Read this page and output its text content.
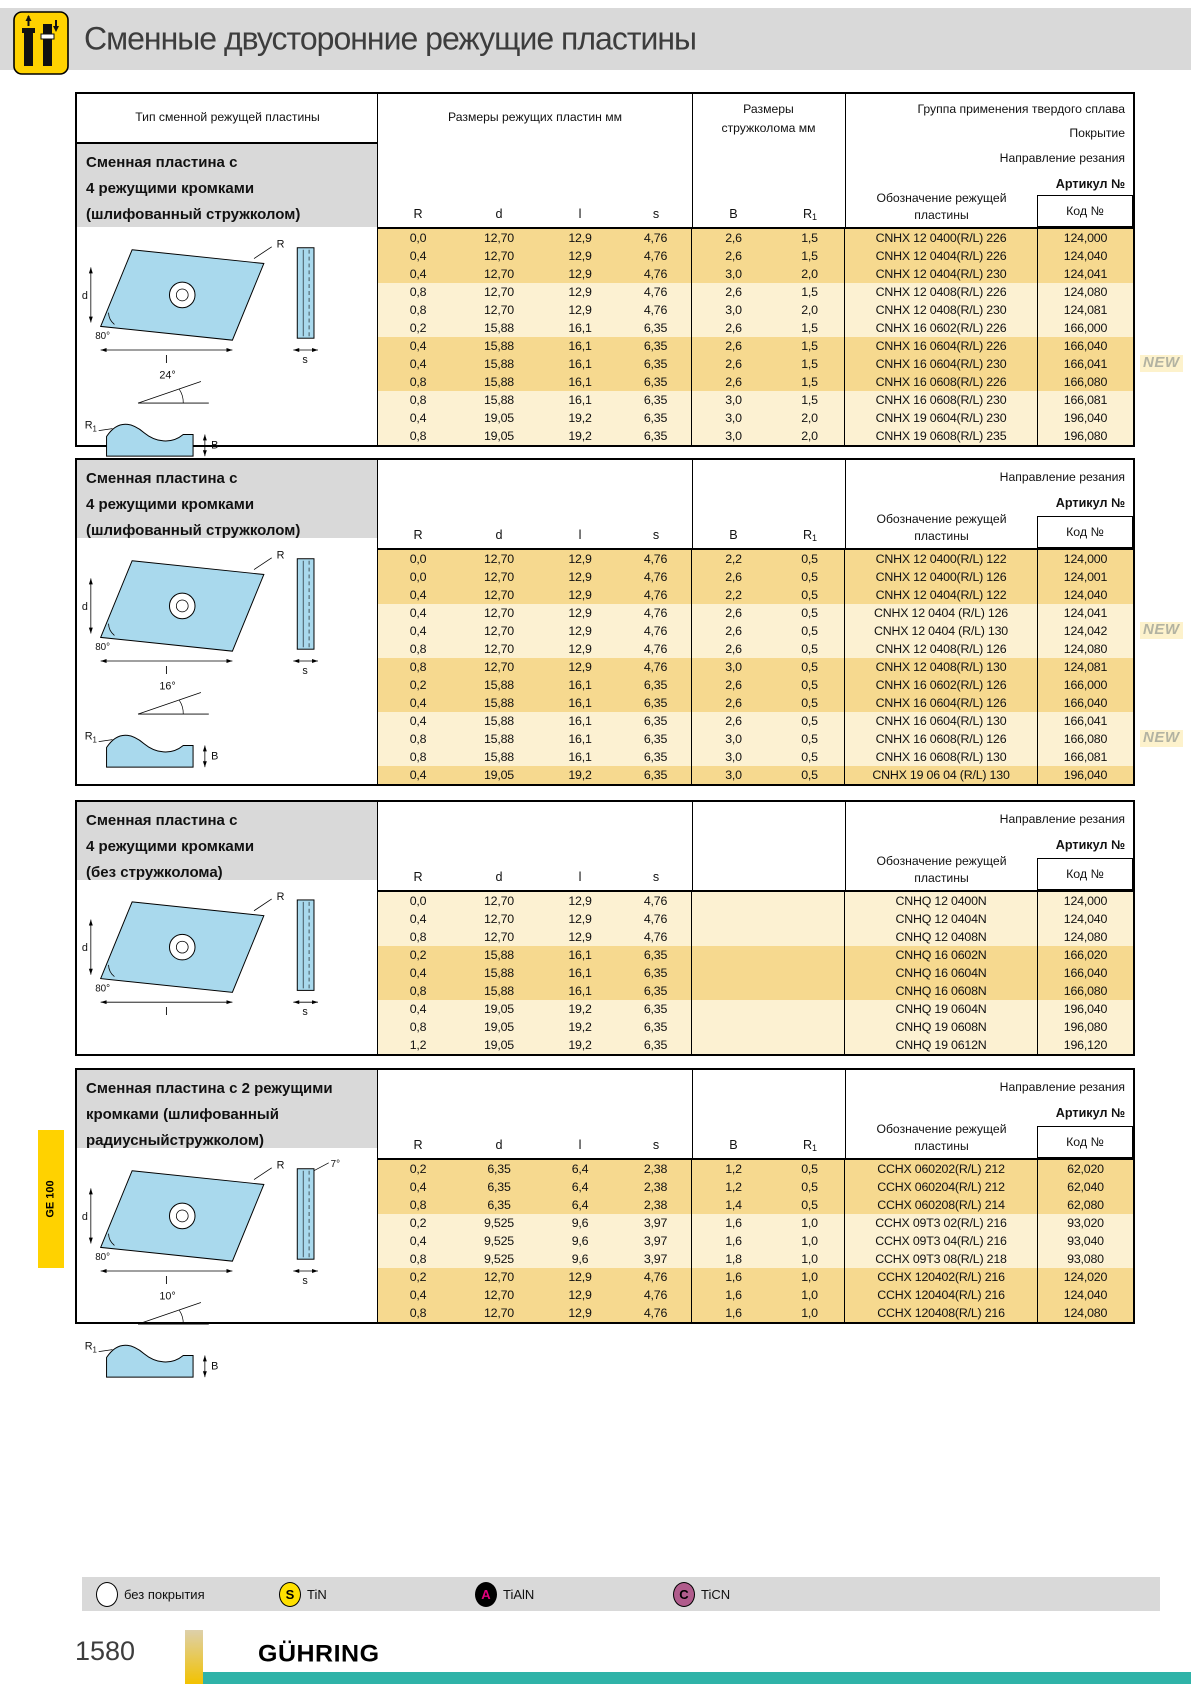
Сменные двусторонние режущие пластины
Сменная пластина с
4 режущими кромками
(шлифованный стружколом)
R
d
l
80°
s
24°
$R_1$
B
Тип сменной режущей пластины	Размеры режущих пластин мм
Размеры
стружколома мм
Группа применения твердого сплава
Покрытие
Направление резания
Артикул №
Обозначение режущей
пластины	Код №
R	d	l	s	B	$R_1$
0,0	12,70	12,9	4,76	2,6	1,5	CNHX 12 0400(R/L) 226	124,000
0,4	12,70	12,9	4,76	2,6	1,5	CNHX 12 0404(R/L) 226	124,040
0,4	12,70	12,9	4,76	3,0	2,0	CNHX 12 0404(R/L) 230	124,041
0,8	12,70	12,9	4,76	2,6	1,5	CNHX 12 0408(R/L) 226	124,080
0,8	12,70	12,9	4,76	3,0	2,0	CNHX 12 0408(R/L) 230	124,081
0,2	15,88	16,1	6,35	2,6	1,5	CNHX 16 0602(R/L) 226	166,000
0,4	15,88	16,1	6,35	2,6	1,5	CNHX 16 0604(R/L) 226	166,040
0,4	15,88	16,1	6,35	2,6	1,5	CNHX 16 0604(R/L) 230	166,041
0,8	15,88	16,1	6,35	2,6	1,5	CNHX 16 0608(R/L) 226	166,080
0,8	15,88	16,1	6,35	3,0	1,5	CNHX 16 0608(R/L) 230	166,081
0,4	19,05	19,2	6,35	3,0	2,0	CNHX 19 0604(R/L) 230	196,040
0,8	19,05	19,2	6,35	3,0	2,0	CNHX 19 0608(R/L) 235	196,080
Сменная пластина с
4 режущими кромками
(шлифованный стружколом)
R
d
l
80°
s
16°
$R_1$
B
Направление резания
Артикул №
Обозначение режущей
пластины	Код №
R	d	l	s	B	$R_1$
0,0	12,70	12,9	4,76	2,2	0,5	CNHX 12 0400(R/L) 122	124,000
0,0	12,70	12,9	4,76	2,6	0,5	CNHX 12 0400(R/L) 126	124,001
0,4	12,70	12,9	4,76	2,2	0,5	CNHX 12 0404(R/L) 122	124,040
0,4	12,70	12,9	4,76	2,6	0,5	CNHX 12 0404 (R/L) 126	124,041
0,4	12,70	12,9	4,76	2,6	0,5	CNHX 12 0404 (R/L) 130	124,042
0,8	12,70	12,9	4,76	2,6	0,5	CNHX 12 0408(R/L) 126	124,080
0,8	12,70	12,9	4,76	3,0	0,5	CNHX 12 0408(R/L) 130	124,081
0,2	15,88	16,1	6,35	2,6	0,5	CNHX 16 0602(R/L) 126	166,000
0,4	15,88	16,1	6,35	2,6	0,5	CNHX 16 0604(R/L) 126	166,040
0,4	15,88	16,1	6,35	2,6	0,5	CNHX 16 0604(R/L) 130	166,041
0,8	15,88	16,1	6,35	3,0	0,5	CNHX 16 0608(R/L) 126	166,080
0,8	15,88	16,1	6,35	3,0	0,5	CNHX 16 0608(R/L) 130	166,081
0,4	19,05	19,2	6,35	3,0	0,5	CNHX 19 06 04 (R/L) 130	196,040
Сменная пластина с
4 режущими кромками
(без стружколома)
R
d
l
80°
s
Направление резания
Артикул №
Обозначение режущей
пластины	Код №
R	d	l	s
0,0	12,70	12,9	4,76	CNHQ 12 0400N	124,000
0,4	12,70	12,9	4,76	CNHQ 12 0404N	124,040
0,8	12,70	12,9	4,76	CNHQ 12 0408N	124,080
0,2	15,88	16,1	6,35	CNHQ 16 0602N	166,020
0,4	15,88	16,1	6,35	CNHQ 16 0604N	166,040
0,8	15,88	16,1	6,35	CNHQ 16 0608N	166,080
0,4	19,05	19,2	6,35	CNHQ 19 0604N	196,040
0,8	19,05	19,2	6,35	CNHQ 19 0608N	196,080
1,2	19,05	19,2	6,35	CNHQ 19 0612N	196,120
Сменная пластина с 2 режущими
кромками (шлифованный
радиусныйстружколом)
R
d
l
80°
s
7°
10°
$R_1$
B
Направление резания
Артикул №
Обозначение режущей
пластины	Код №
R	d	l	s	B	$R_1$
0,2	6,35	6,4	2,38	1,2	0,5	CCHX 060202(R/L) 212	62,020
0,4	6,35	6,4	2,38	1,2	0,5	CCHX 060204(R/L) 212	62,040
0,8	6,35	6,4	2,38	1,4	0,5	CCHX 060208(R/L) 214	62,080
0,2	9,525	9,6	3,97	1,6	1,0	CCHX 09T3 02(R/L) 216	93,020
0,4	9,525	9,6	3,97	1,6	1,0	CCHX 09T3 04(R/L) 216	93,040
0,8	9,525	9,6	3,97	1,8	1,0	CCHX 09T3 08(R/L) 218	93,080
0,2	12,70	12,9	4,76	1,6	1,0	CCHX 120402(R/L) 216	124,020
0,4	12,70	12,9	4,76	1,6	1,0	CCHX 120404(R/L) 216	124,040
0,8	12,70	12,9	4,76	1,6	1,0	CCHX 120408(R/L) 216	124,080
без покрытия	S TiN	A TiAlN	C TiCN
1580	GÜHRING
GE 100
NEW
NEW
NEW
